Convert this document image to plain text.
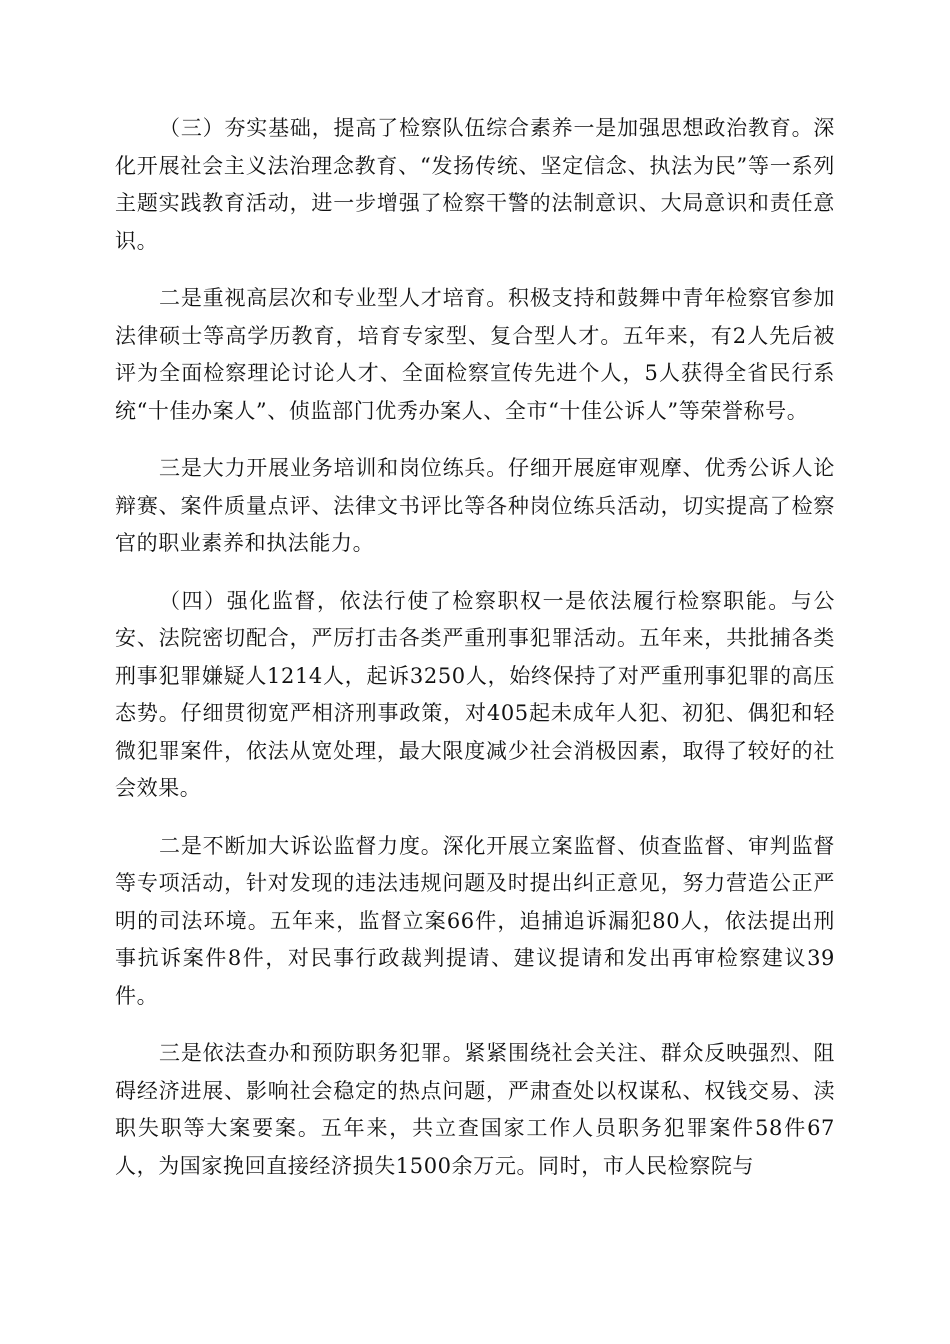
（三）夯实基础，提高了检察队伍综合素养一是加强思想政治教育。深化开展社会主义法治理念教育、“发扬传统、坚定信念、执法为民”等一系列主题实践教育活动，进一步增强了检察干警的法制意识、大局意识和责任意识。

二是重视高层次和专业型人才培育。积极支持和鼓舞中青年检察官参加法律硕士等高学历教育，培育专家型、复合型人才。五年来，有2人先后被评为全面检察理论讨论人才、全面检察宣传先进个人，5人获得全省民行系统“十佳办案人”、侦监部门优秀办案人、全市“十佳公诉人”等荣誉称号。

三是大力开展业务培训和岗位练兵。仔细开展庭审观摩、优秀公诉人论辩赛、案件质量点评、法律文书评比等各种岗位练兵活动，切实提高了检察官的职业素养和执法能力。

（四）强化监督，依法行使了检察职权一是依法履行检察职能。与公安、法院密切配合，严厉打击各类严重刑事犯罪活动。五年来，共批捕各类刑事犯罪嫌疑人1214人，起诉3250人，始终保持了对严重刑事犯罪的高压态势。仔细贯彻宽严相济刑事政策，对405起未成年人犯、初犯、偶犯和轻微犯罪案件，依法从宽处理，最大限度减少社会消极因素，取得了较好的社会效果。

二是不断加大诉讼监督力度。深化开展立案监督、侦查监督、审判监督等专项活动，针对发现的违法违规问题及时提出纠正意见，努力营造公正严明的司法环境。五年来，监督立案66件，追捕追诉漏犯80人，依法提出刑事抗诉案件8件，对民事行政裁判提请、建议提请和发出再审检察建议39件。

三是依法查办和预防职务犯罪。紧紧围绕社会关注、群众反映强烈、阻碍经济进展、影响社会稳定的热点问题，严肃查处以权谋私、权钱交易、渎职失职等大案要案。五年来，共立查国家工作人员职务犯罪案件58件67人，为国家挽回直接经济损失1500余万元。同时，市人民检察院与
